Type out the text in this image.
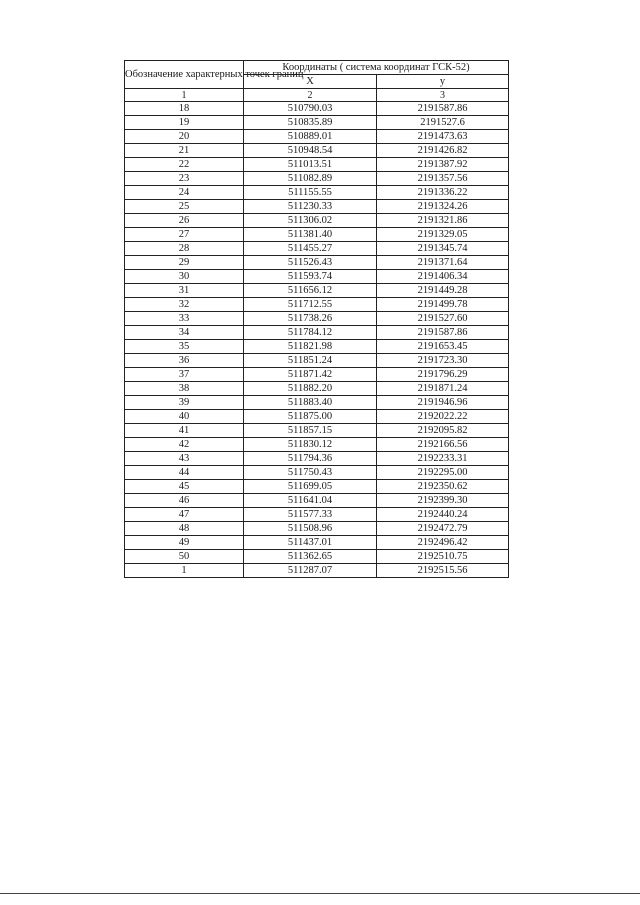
Обозначение характерных точек границ	Координаты ( система координат ГСК-52)	
	X	y
1	2	3
18	510790.03	2191587.86
19	510835.89	2191527.6
20	510889.01	2191473.63
21	510948.54	2191426.82
22	511013.51	2191387.92
23	511082.89	2191357.56
24	511155.55	2191336.22
25	511230.33	2191324.26
26	511306.02	2191321.86
27	511381.40	2191329.05
28	511455.27	2191345.74
29	511526.43	2191371.64
30	511593.74	2191406.34
31	511656.12	2191449.28
32	511712.55	2191499.78
33	511738.26	2191527.60
34	511784.12	2191587.86
35	511821.98	2191653.45
36	511851.24	2191723.30
37	511871.42	2191796.29
38	511882.20	2191871.24
39	511883.40	2191946.96
40	511875.00	2192022.22
41	511857.15	2192095.82
42	511830.12	2192166.56
43	511794.36	2192233.31
44	511750.43	2192295.00
45	511699.05	2192350.62
46	511641.04	2192399.30
47	511577.33	2192440.24
48	511508.96	2192472.79
49	511437.01	2192496.42
50	511362.65	2192510.75
1	511287.07	2192515.56
